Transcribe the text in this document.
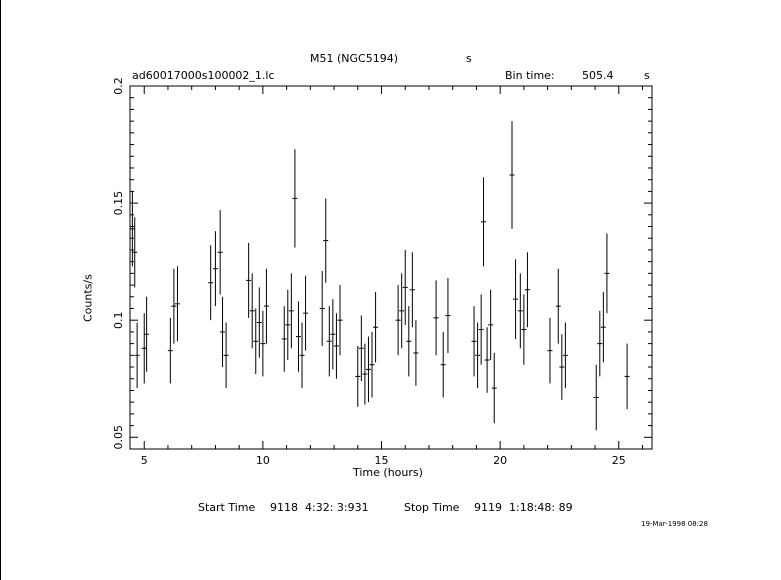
5	10	15	20	25
0.05
0.1
0.15
0.2
M51 (NGC5194)	s
ad60017000s100002_1.lc	Bin time: 505.4	s
Time (hours)
Counts/s
Start Time 9118  4:32: 3:931	Stop Time 9119  1:18:48: 89
19-Mar-1998 08:28
